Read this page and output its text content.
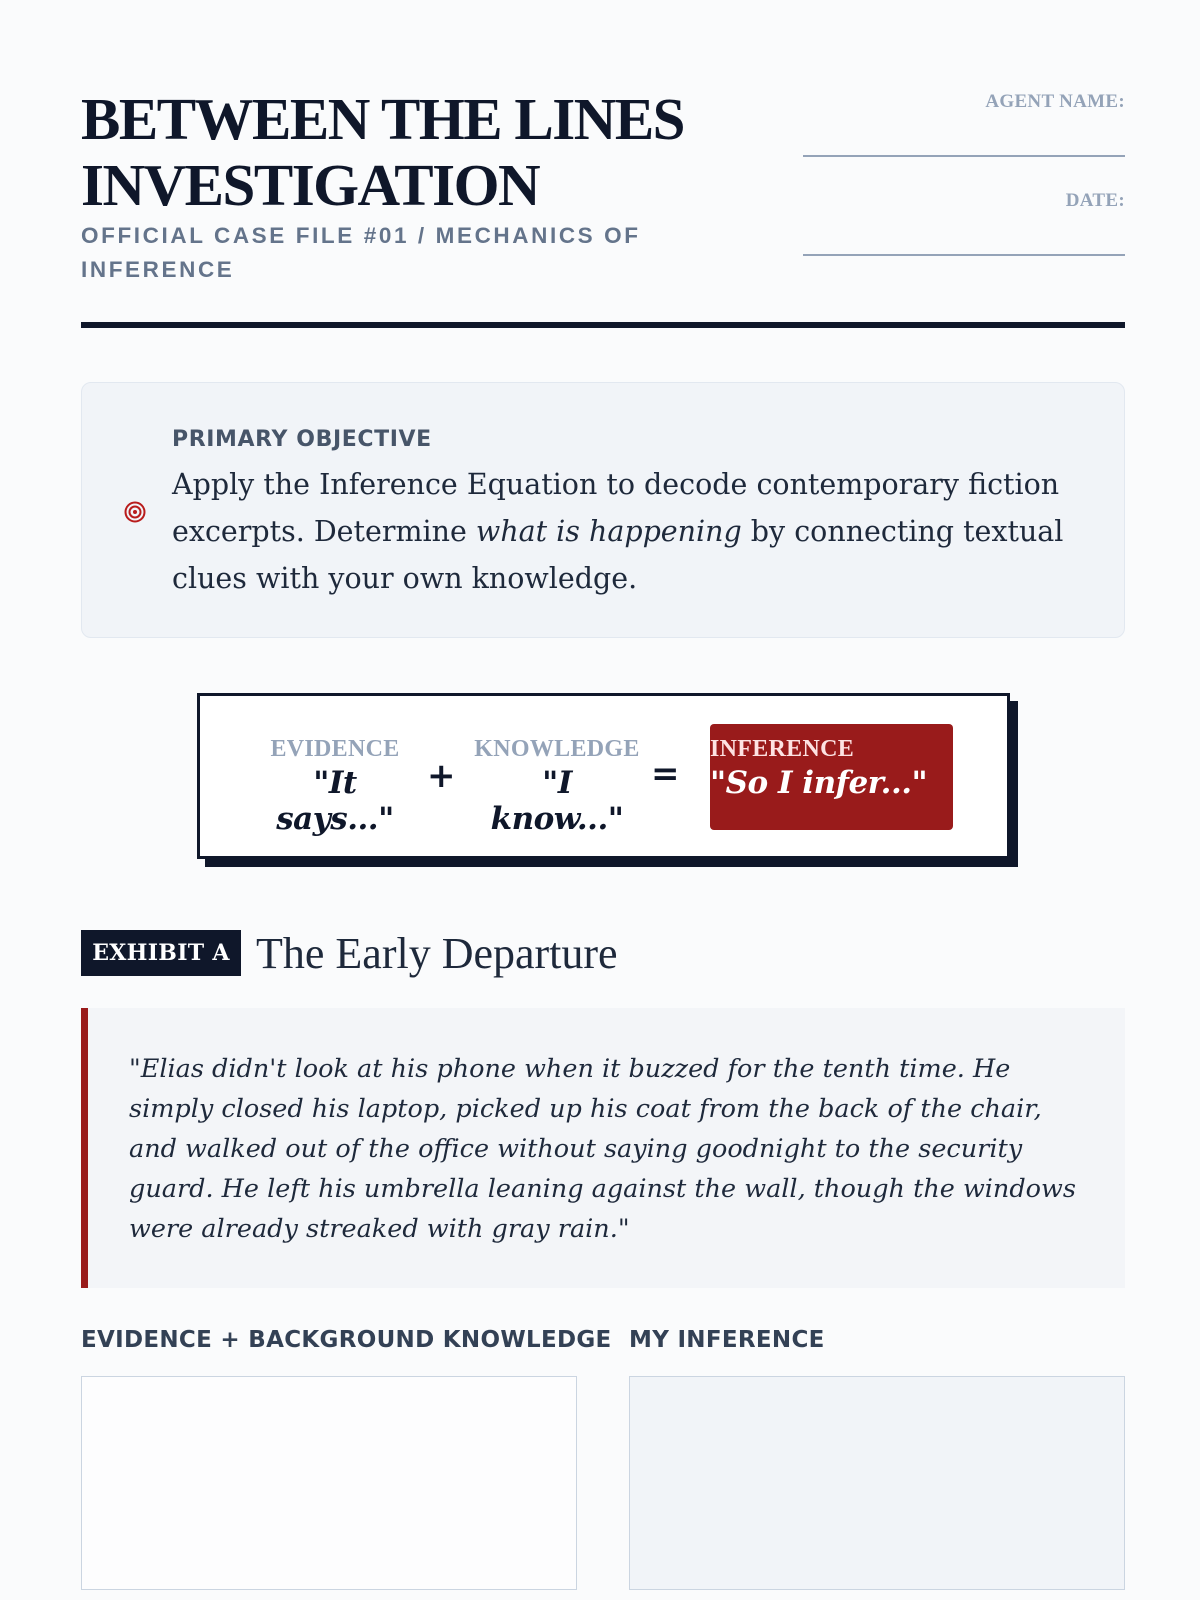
BETWEEN THE LINES INVESTIGATION
OFFICIAL CASE FILE #01 / MECHANICS OF INFERENCE
AGENT NAME:
DATE:
PRIMARY OBJECTIVE

Apply the Inference Equation to decode contemporary fiction excerpts. Determine what is happening by connecting textual clues with your own knowledge.

EVIDENCE
"It says..."
+
KNOWLEDGE
"I know..."
=
INFERENCE
"So I infer..."
EXHIBIT A The Early Departure

"Elias didn't look at his phone when it buzzed for the tenth time. He simply closed his laptop, picked up his coat from the back of the chair, and walked out of the office without saying goodnight to the security guard. He left his umbrella leaning against the wall, though the windows were already streaked with gray rain."

EVIDENCE + BACKGROUND KNOWLEDGE MY INFERENCE
